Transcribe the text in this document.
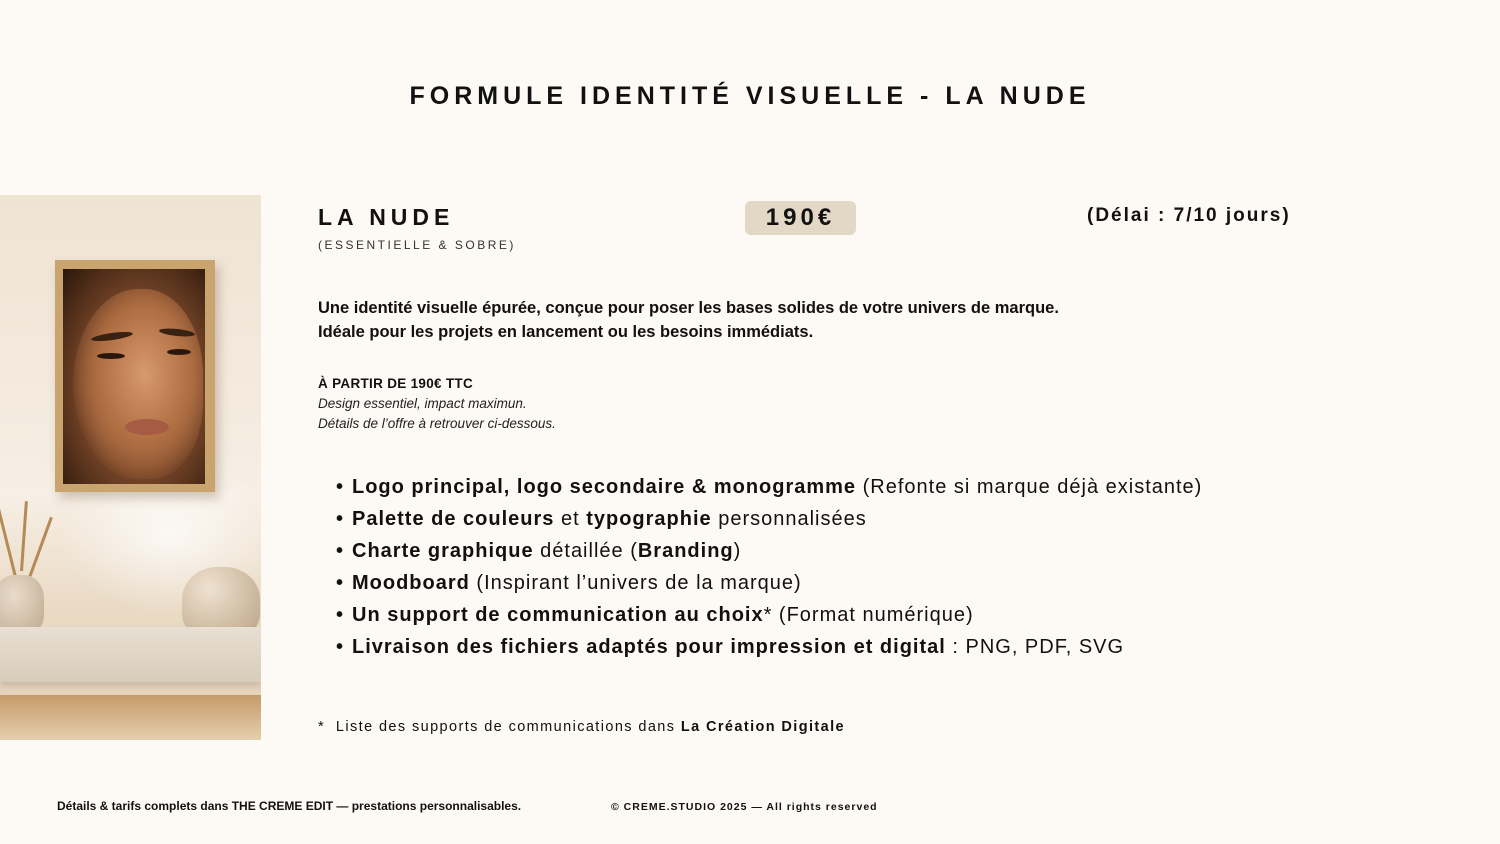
FORMULE IDENTITÉ VISUELLE - LA NUDE
LA NUDE
(ESSENTIELLE & SOBRE)
190€	(Délai : 7/10 jours)

Une identité visuelle épurée, conçue pour poser les bases solides de votre univers de marque.
Idéale pour les projets en lancement ou les besoins immédiats.

À PARTIR DE 190€ TTC
Design essentiel, impact maximun.
Détails de l’offre à retrouver ci-dessous.
• Logo principal, logo secondaire & monogramme (Refonte si marque déjà existante)
• Palette de couleurs et typographie personnalisées
• Charte graphique détaillée (Branding)
• Moodboard (Inspirant l’univers de la marque)
• Un support de communication au choix* (Format numérique)
• Livraison des fichiers adaptés pour impression et digital : PNG, PDF, SVG
* Liste des supports de communications dans La Création Digitale
Détails & tarifs complets dans THE CREME EDIT — prestations personnalisables.	© CREME.STUDIO 2025 — All rights reserved
